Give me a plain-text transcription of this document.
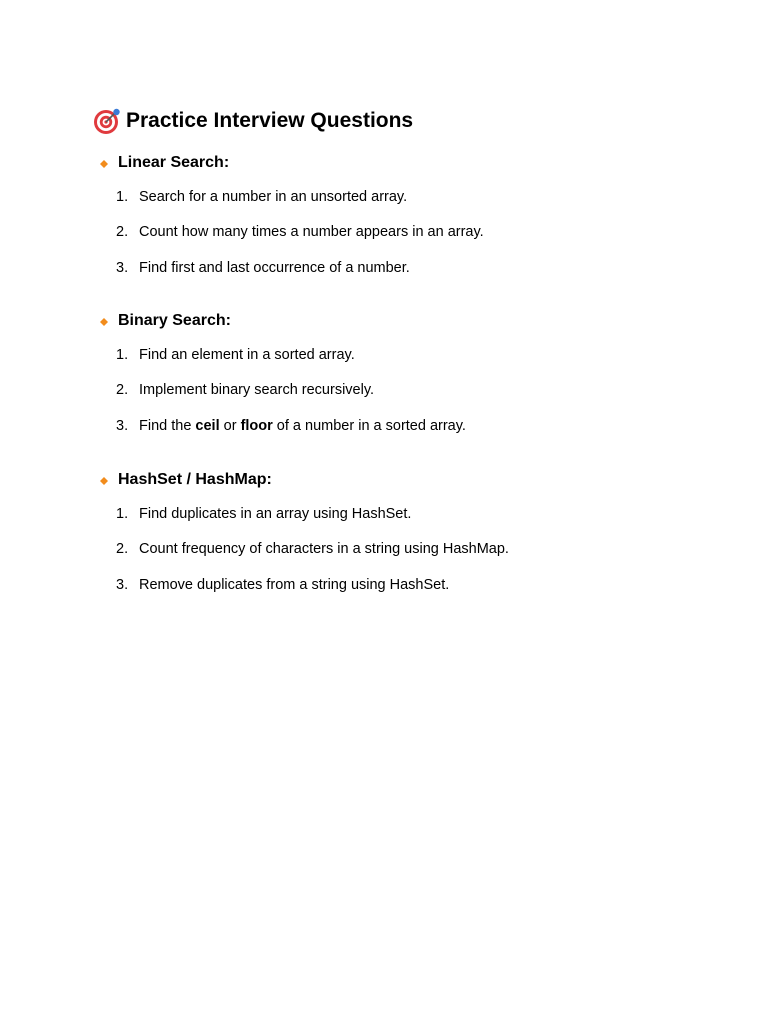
Practice Interview Questions
Linear Search:
1. Search for a number in an unsorted array.
2. Count how many times a number appears in an array.
3. Find first and last occurrence of a number.
Binary Search:
1. Find an element in a sorted array.
2. Implement binary search recursively.
3. Find the ceil or floor of a number in a sorted array.
HashSet / HashMap:
1. Find duplicates in an array using HashSet.
2. Count frequency of characters in a string using HashMap.
3. Remove duplicates from a string using HashSet.
